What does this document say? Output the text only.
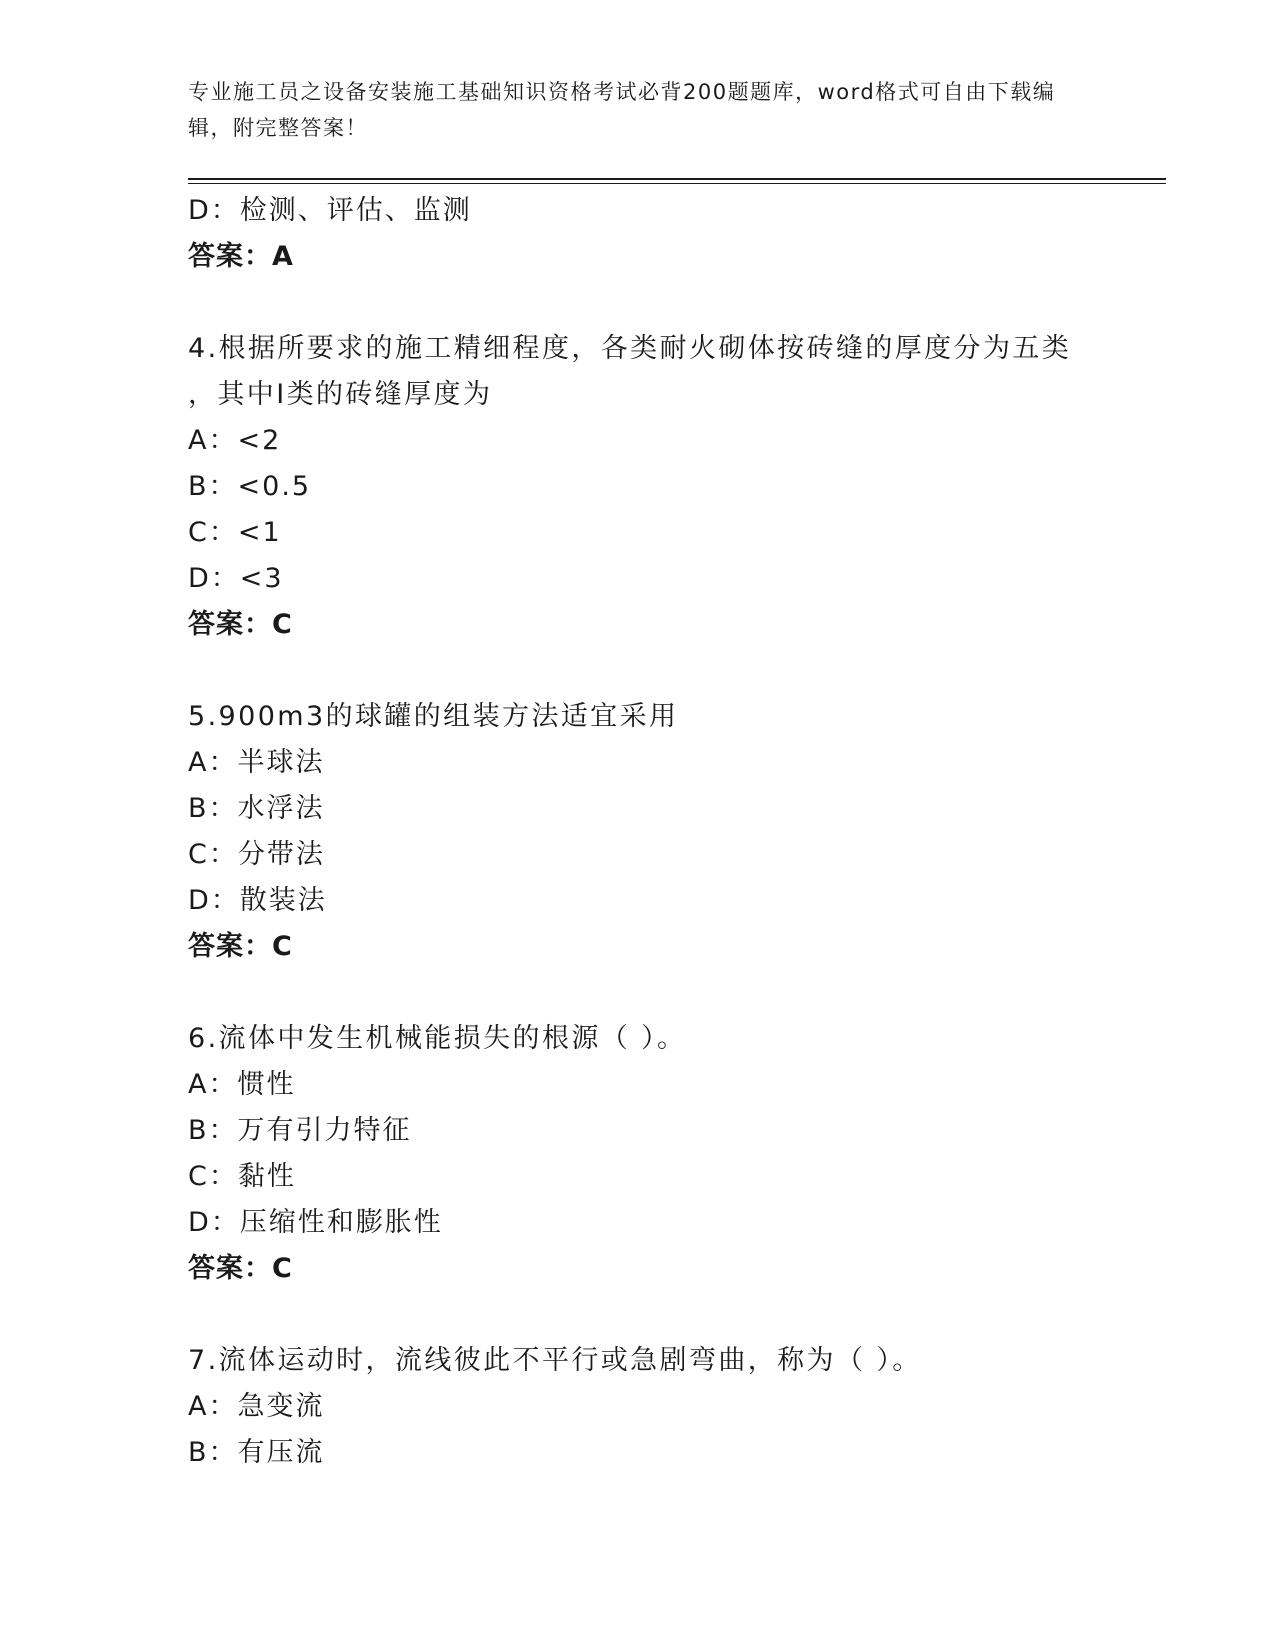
专业施工员之设备安装施工基础知识资格考试必背200题题库，word格式可自由下载编辑，附完整答案！
D：检测、评估、监测
答案：A
4.根据所要求的施工精细程度，各类耐火砌体按砖缝的厚度分为五类
，其中Ⅰ类的砖缝厚度为
A：<2
B：<0.5
C：<1
D：<3
答案：C
5.900m3的球罐的组装方法适宜采用
A：半球法
B：水浮法
C：分带法
D：散装法
答案：C
6.流体中发生机械能损失的根源（ ）。
A：惯性
B：万有引力特征
C：黏性
D：压缩性和膨胀性
答案：C
7.流体运动时，流线彼此不平行或急剧弯曲，称为（ ）。
A：急变流
B：有压流
